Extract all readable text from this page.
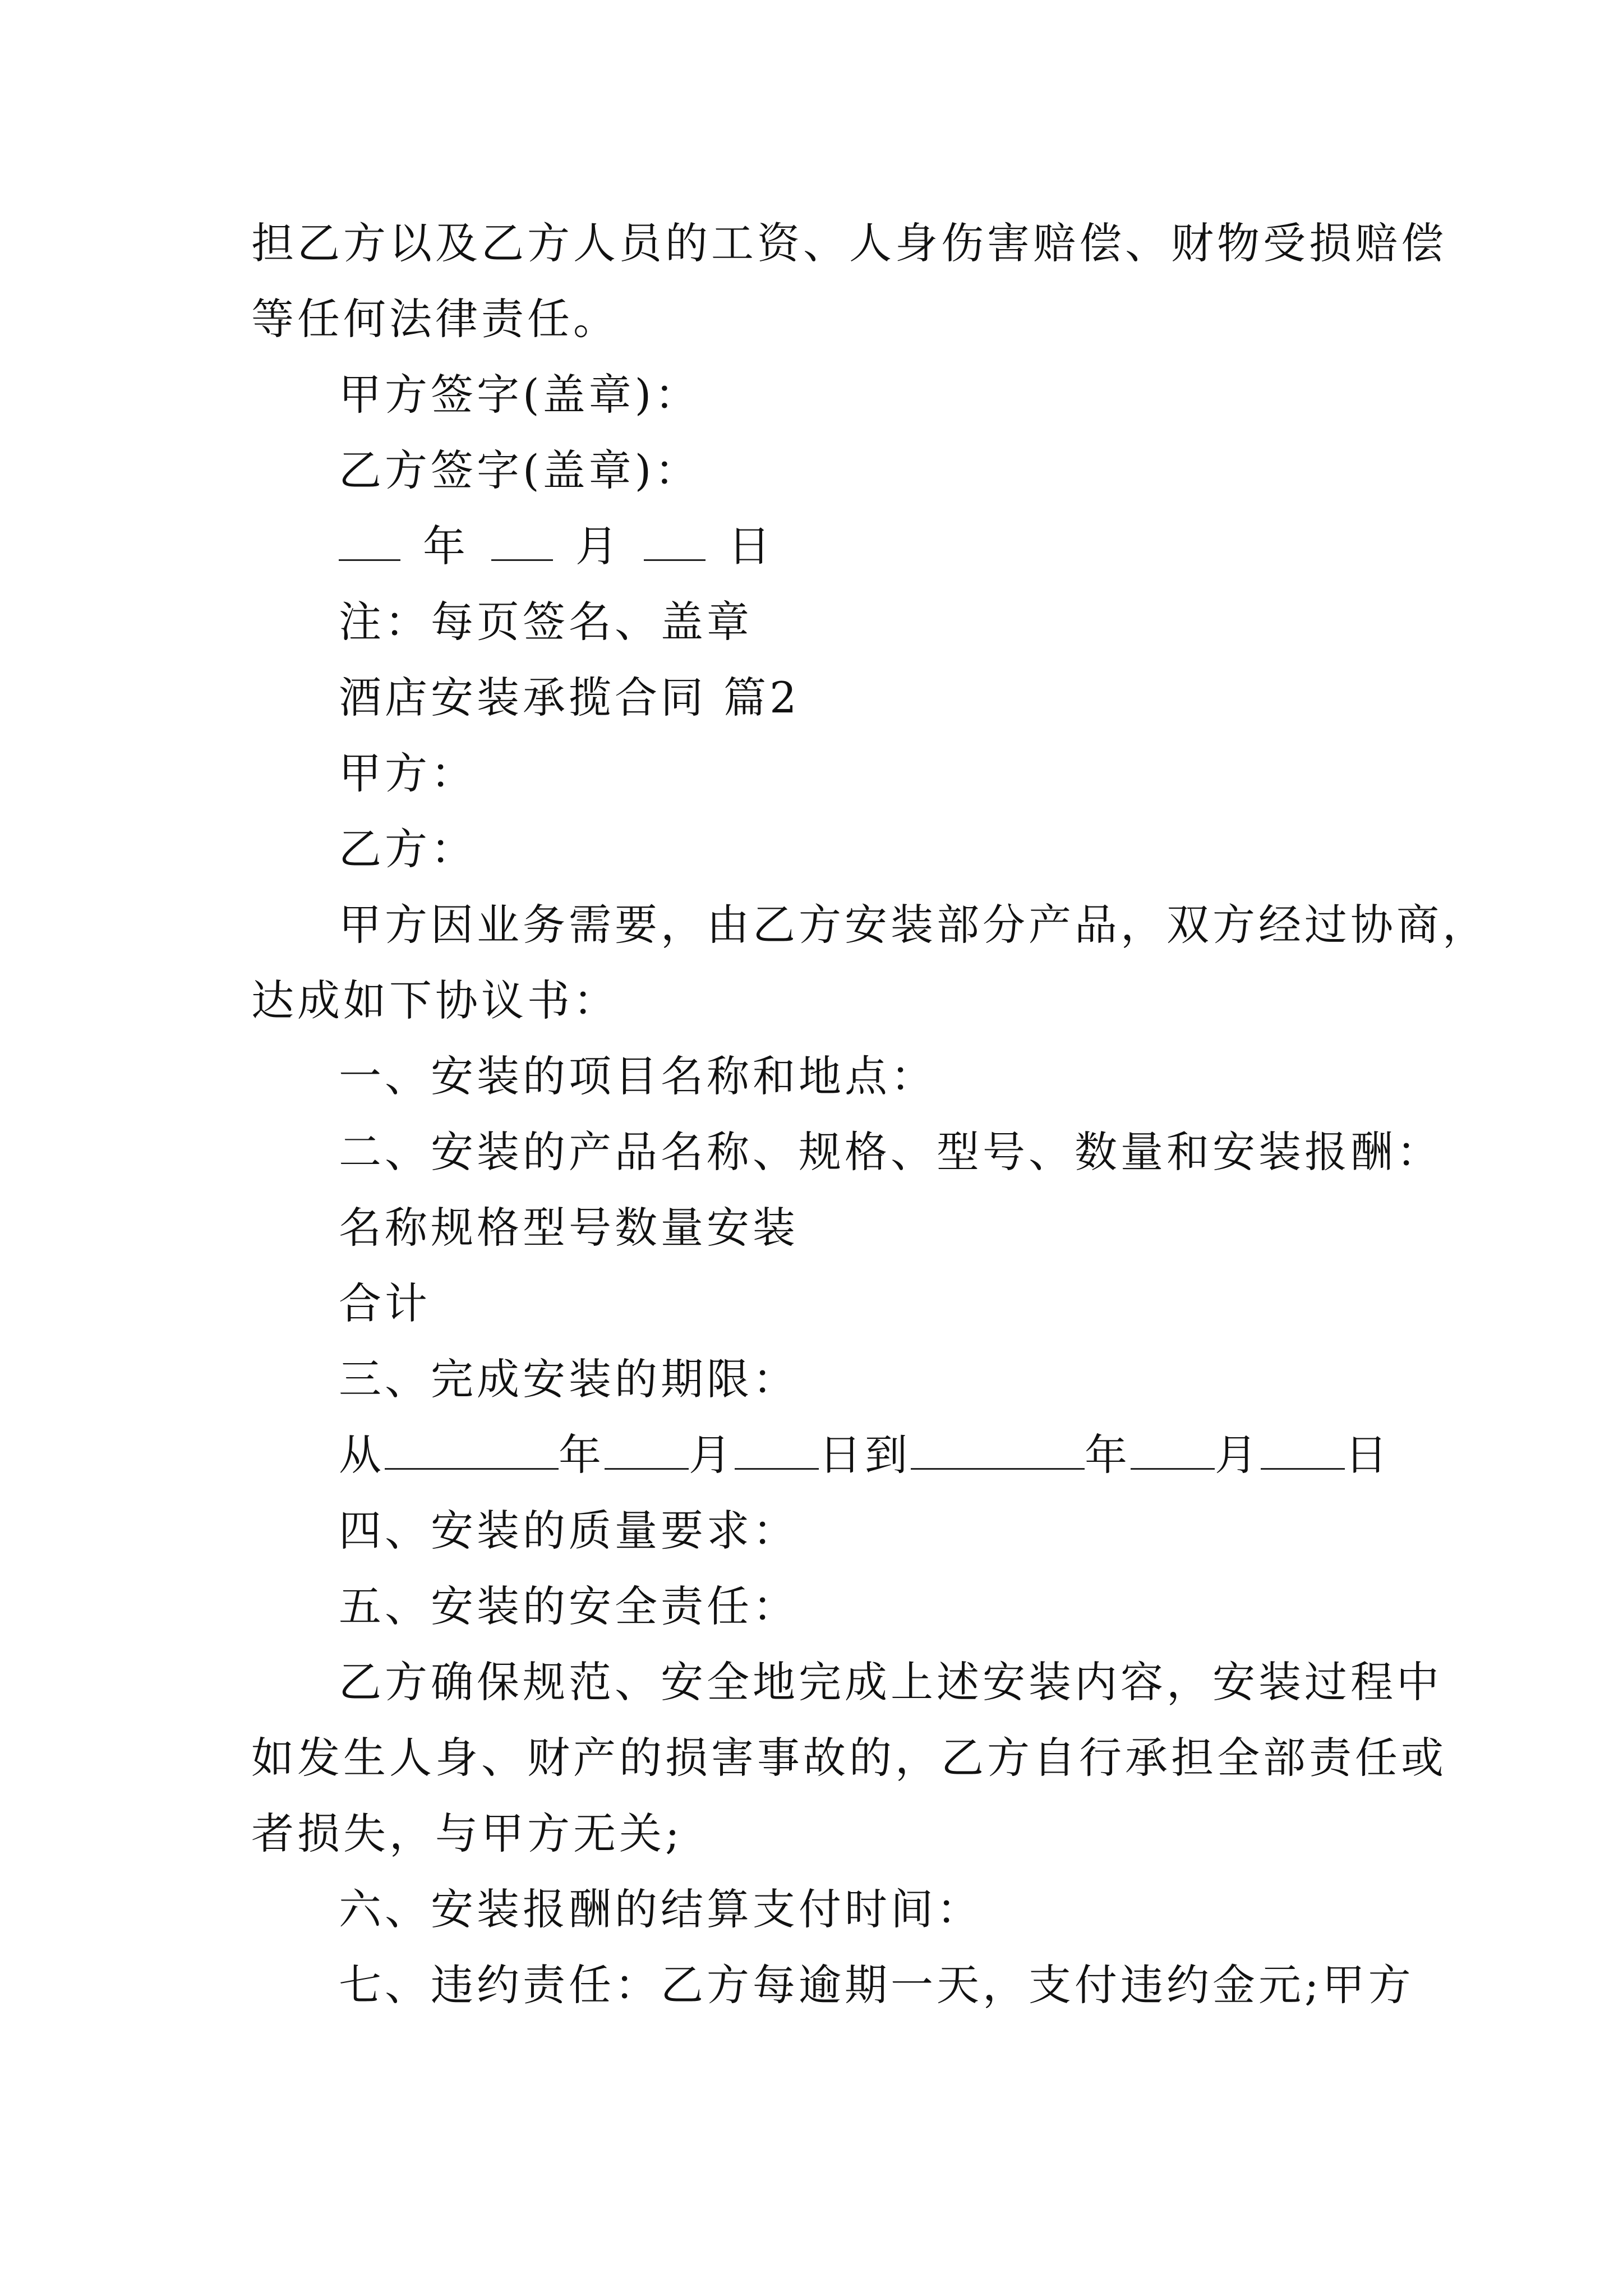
担乙方以及乙方人员的工资、人身伤害赔偿、财物受损赔偿
等任何法律责任。
甲方签字(盖章)：
乙方签字(盖章)：
年	月	日
注：每页签名、盖章
酒店安装承揽合同 篇2
甲方：
乙方：
甲方因业务需要，由乙方安装部分产品，双方经过协商，
达成如下协议书：
一、安装的项目名称和地点：
二、安装的产品名称、规格、型号、数量和安装报酬：
名称规格型号数量安装
合计
三、完成安装的期限：
从	年 月 日到	年 月 日
四、安装的质量要求：
五、安装的安全责任：
乙方确保规范、安全地完成上述安装内容，安装过程中
如发生人身、财产的损害事故的，乙方自行承担全部责任或
者损失，与甲方无关;
六、安装报酬的结算支付时间：
七、违约责任：乙方每逾期一天，支付违约金元;甲方
